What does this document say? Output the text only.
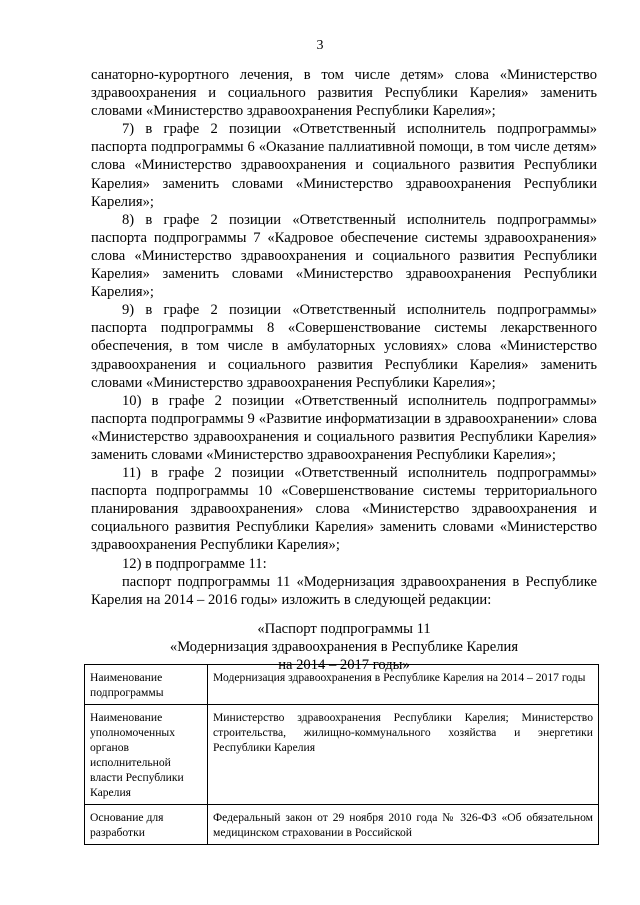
3

санаторно-курортного лечения, в том числе детям» слова «Министерство здравоохранения и социального развития Республики Карелия» заменить словами «Министерство здравоохранения Республики Карелия»;

7) в графе 2 позиции «Ответственный исполнитель подпрограммы» паспорта подпрограммы 6 «Оказание паллиативной помощи, в том числе детям» слова «Министерство здравоохранения и социального развития Республики Карелия» заменить словами «Министерство здравоохранения Республики Карелия»;

8) в графе 2 позиции «Ответственный исполнитель подпрограммы» паспорта подпрограммы 7 «Кадровое обеспечение системы здравоохранения» слова «Министерство здравоохранения и социального развития Республики Карелия» заменить словами «Министерство здравоохранения Республики Карелия»;

9) в графе 2 позиции «Ответственный исполнитель подпрограммы» паспорта подпрограммы 8 «Совершенствование системы лекарственного обеспечения, в том числе в амбулаторных условиях» слова «Министерство здравоохранения и социального развития Республики Карелия» заменить словами «Министерство здравоохранения Республики Карелия»;

10) в графе 2 позиции «Ответственный исполнитель подпрограммы» паспорта подпрограммы 9 «Развитие информатизации в здравоохранении» слова «Министерство здравоохранения и социального развития Республики Карелия» заменить словами «Министерство здравоохранения Республики Карелия»;

11) в графе 2 позиции «Ответственный исполнитель подпрограммы» паспорта подпрограммы 10 «Совершенствование системы территориального планирования здравоохранения» слова «Министерство здравоохранения и социального развития Республики Карелия» заменить словами «Министерство здравоохранения Республики Карелия»;

12) в подпрограмме 11:

паспорт подпрограммы 11 «Модернизация здравоохранения в Республике Карелия на 2014 – 2016 годы» изложить в следующей редакции:

«Паспорт подпрограммы 11
«Модернизация здравоохранения в Республике Карелия
на 2014 – 2017 годы»
Наименование подпрограммы	Модернизация здравоохранения в Республике Карелия на 2014 – 2017 годы
Наименование уполномоченных органов исполнительной власти Республики Карелия	Министерство здравоохранения Республики Карелия; Министерство строительства, жилищно-коммунального хозяйства и энергетики Республики Карелия
Основание для разработки	Федеральный закон от 29 ноября 2010 года № 326-ФЗ «Об обязательном медицинском страховании в Российской
